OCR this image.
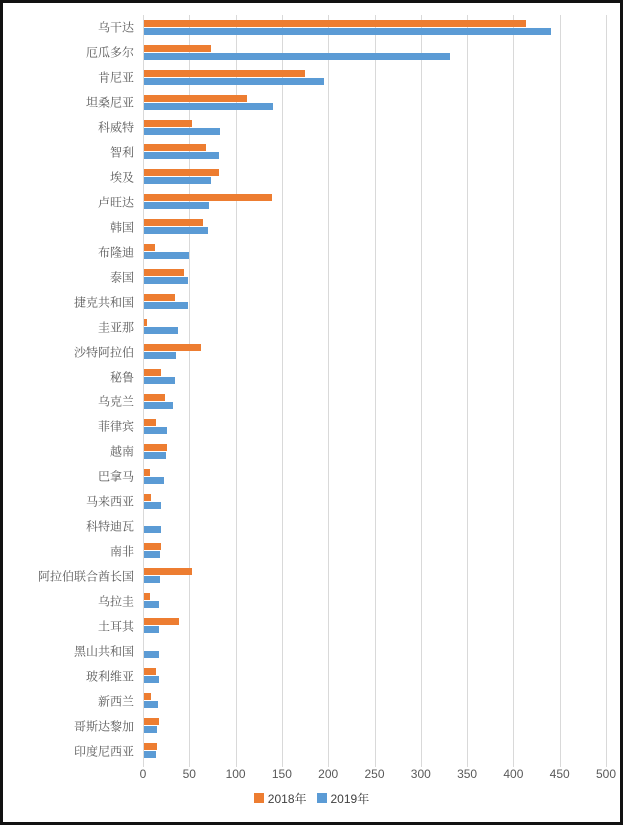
0	50 100 150 200 250 300 350 400 450 500
2018年 2019年
乌干达
厄瓜多尔
肯尼亚
坦桑尼亚
科威特
智利
埃及
卢旺达
韩国
布隆迪
泰国
捷克共和国
圭亚那
沙特阿拉伯
秘鲁
乌克兰
菲律宾
越南
巴拿马
马来西亚
科特迪瓦
南非
阿拉伯联合酋长国
乌拉圭
土耳其
黑山共和国
玻利维亚
新西兰
哥斯达黎加
印度尼西亚
